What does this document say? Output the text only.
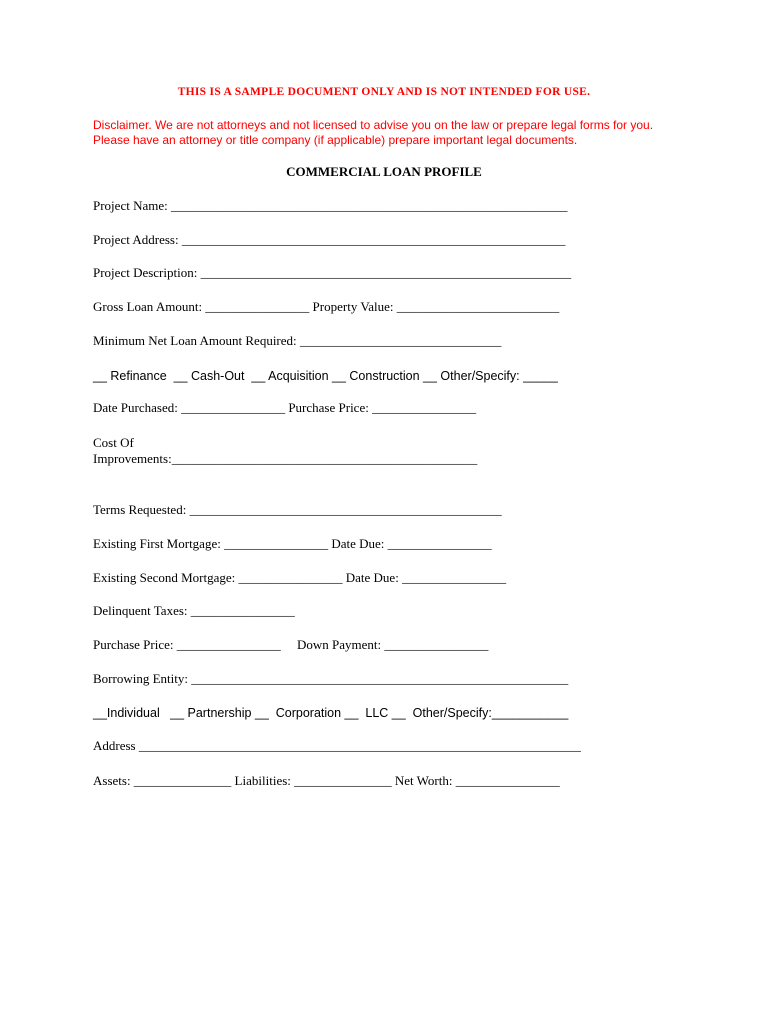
THIS IS A SAMPLE DOCUMENT ONLY AND IS NOT INTENDED FOR USE.
Disclaimer. We are not attorneys and not licensed to advise you on the law or prepare legal forms for you. Please have an attorney or title company (if applicable) prepare important legal documents.
COMMERCIAL LOAN PROFILE
Project Name: _____________________________________________________________
Project Address: ___________________________________________________________
Project Description: _________________________________________________________
Gross Loan Amount: ________________ Property Value: _________________________
Minimum Net Loan Amount Required: _______________________________
__ Refinance  __ Cash-Out  __ Acquisition __ Construction __ Other/Specify: _____
Date Purchased: ________________ Purchase Price: ________________
Cost Of
Improvements:_______________________________________________
Terms Requested: ________________________________________________
Existing First Mortgage: ________________ Date Due: ________________
Existing Second Mortgage: ________________ Date Due: ________________
Delinquent Taxes: ________________
Purchase Price: ________________     Down Payment: ________________
Borrowing Entity: __________________________________________________________
__Individual   __ Partnership __  Corporation __  LLC __  Other/Specify:___________
Address ____________________________________________________________________
Assets: _______________ Liabilities: _______________ Net Worth: ________________
